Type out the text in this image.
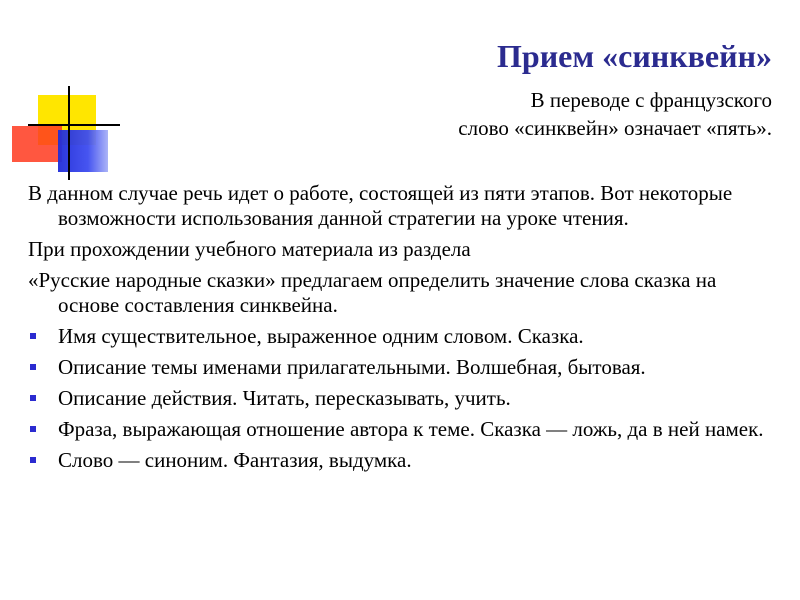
Прием «синквейн»
В переводе с французского
слово «синквейн» означает «пять».

В данном случае речь идет о работе, состоящей из пяти этапов. Вот некоторые возможности использования данной стратегии на уроке чтения.

При прохождении учебного материала из раздела

«Русские народные сказки» предлагаем определить значение слова сказка на основе составления синквейна.

Имя существительное, выраженное одним словом. Сказка.
Описание темы именами прилагательными. Волшебная, бытовая.
Описание действия. Читать, пересказывать, учить.
Фраза, выражающая отношение автора к теме. Сказка — ложь, да в ней намек.
Слово — синоним. Фантазия, выдумка.
